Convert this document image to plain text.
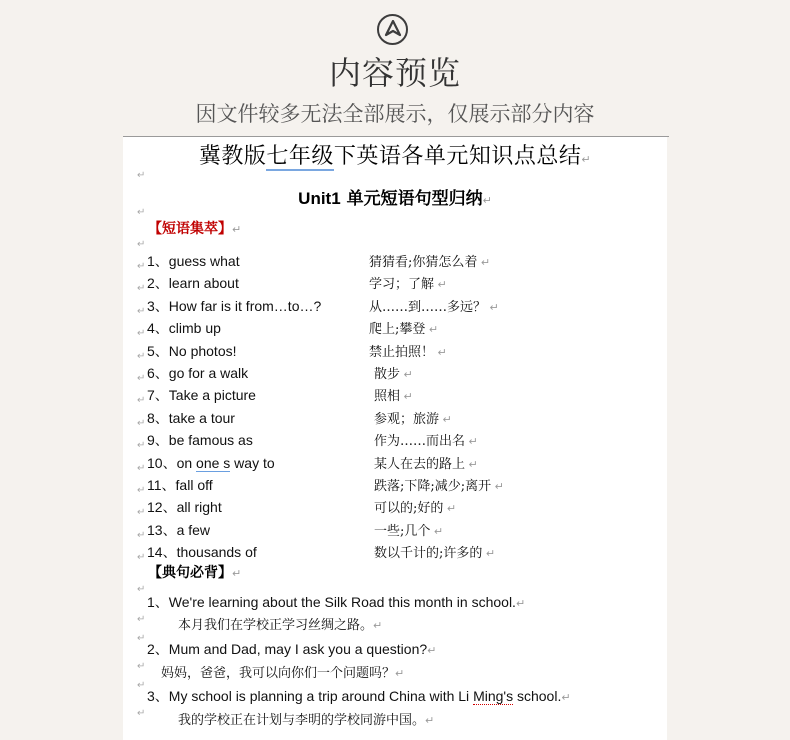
内容预览
因文件较多无法全部展示，仅展示部分内容
冀教版七年级下英语各单元知识点总结↵
↵
Unit1 单元短语句型归纳↵
↵
【短语集萃】↵
↵
1、guess what	猜猜看;你猜怎么着 ↵
↵
2、learn about	学习；了解 ↵
↵
3、How far is it from…to…?	从……到……多远？ ↵
↵
4、climb up	爬上;攀登 ↵
↵
5、No photos!	禁止拍照！ ↵
↵
6、go for a walk	散步 ↵
↵
7、Take a picture	照相 ↵
↵
8、take a tour	参观；旅游 ↵
↵
9、be famous as	作为……而出名 ↵
↵
10、on one s way to	某人在去的路上 ↵
↵
11、fall off	跌落;下降;减少;离开 ↵
↵
12、all right	可以的;好的 ↵
↵
13、a few	一些;几个 ↵
↵
14、thousands of	数以千计的;许多的 ↵
↵
【典句必背】↵
↵
1、We're learning about the Silk Road this month in school.↵
↵	本月我们在学校正学习丝绸之路。↵
↵
2、Mum and Dad, may I ask you a question?↵
↵ 妈妈，爸爸，我可以向你们一个问题吗？↵
↵
3、My school is planning a trip around China with Li Ming's school.↵
↵	我的学校正在计划与李明的学校同游中国。↵
